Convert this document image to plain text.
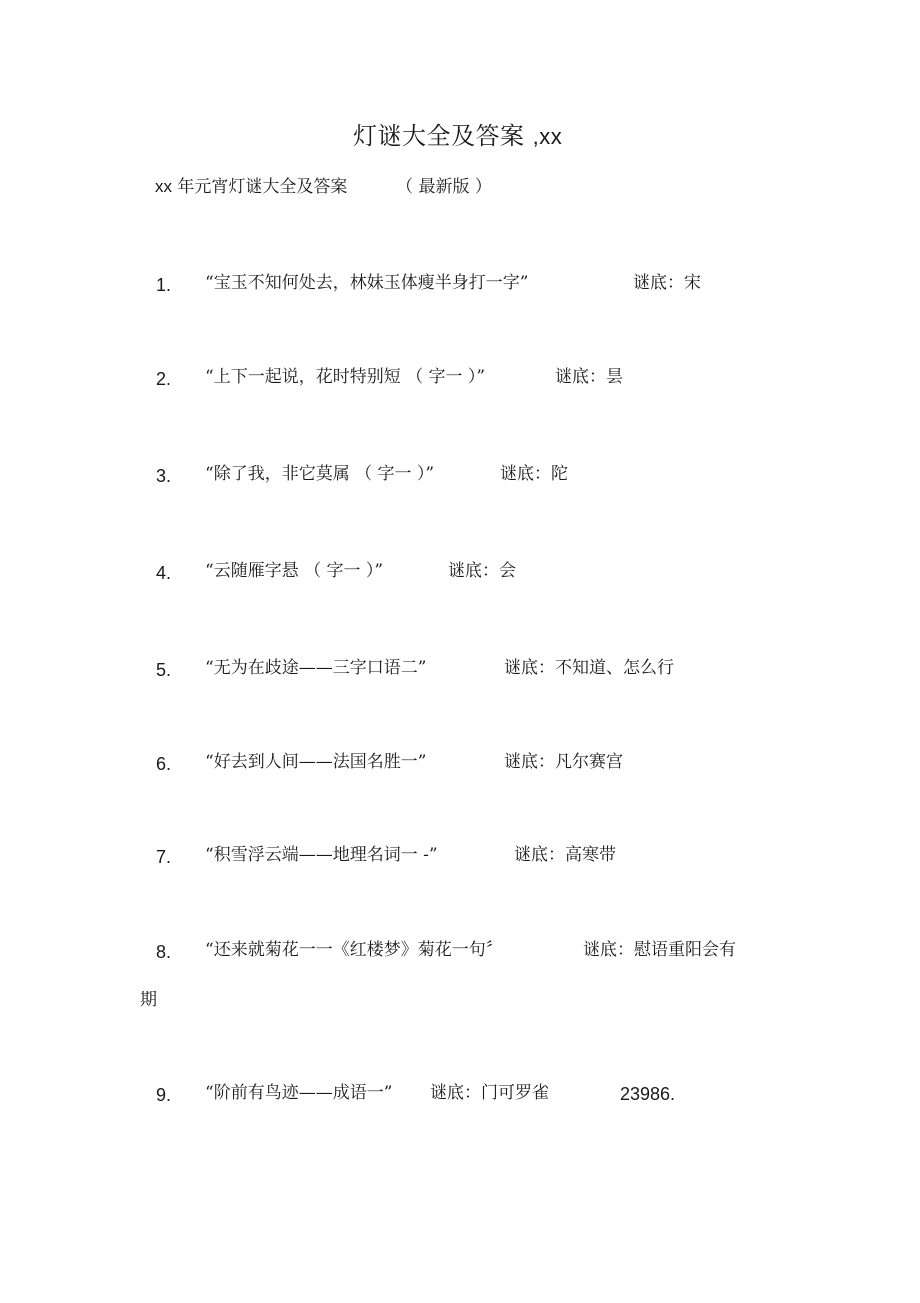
灯谜大全及答案 ,xx
xx 年元宵灯谜大全及答案	（ 最新版 ）
1. “宝玉不知何处去，林妹玉体瘦半身打一字”	谜底：宋
2. “上下一起说，花时特别短 （ 字一 ）”	谜底：昙
3. “除了我，非它莫属 （ 字一 ）”	谜底：陀
4. “云随雁字悬 （ 字一 ）”	谜底：会
5. “无为在歧途——三字口语二”	谜底：不知道、怎么行
6. “好去到人间——法国名胜一”	谜底：凡尔赛宫
7. “积雪浮云端——地理名词一 -”	谜底：高寒带
8. “还来就菊花一一《红楼梦》菊花一句〞	谜底：慰语重阳会有
期
9. “阶前有鸟迹——成语一” 谜底：门可罗雀	23986.
